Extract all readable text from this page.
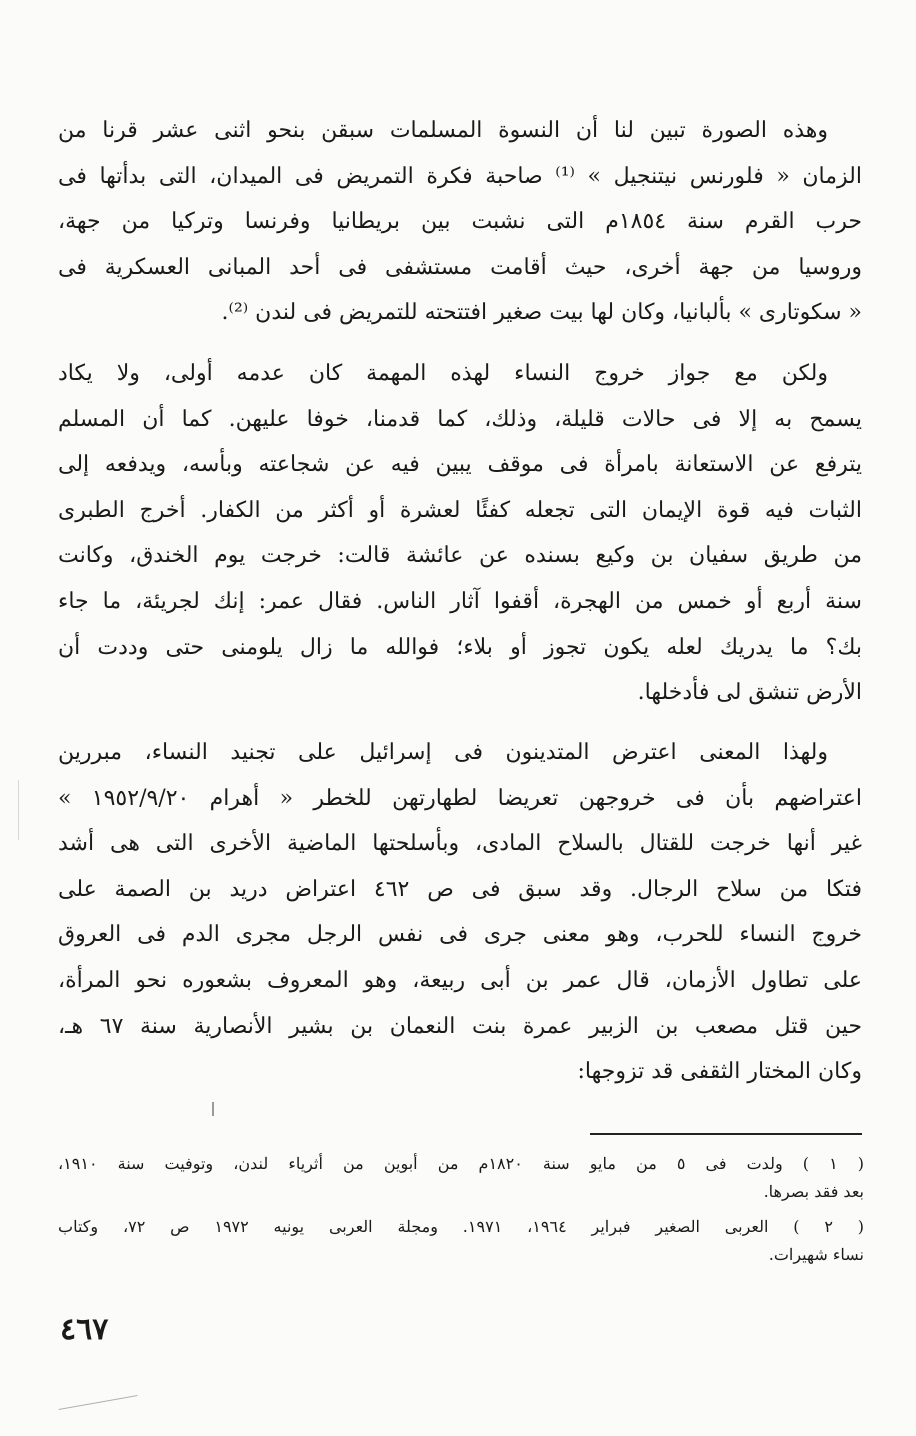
وهذه الصورة تبين لنا أن النسوة المسلمات سبقن بنحو اثنى عشر قرنا من
الزمان « فلورنس نيتنجيل » ⁽¹⁾ صاحبة فكرة التمريض فى الميدان، التى بدأتها فى
حرب القرم سنة ١٨٥٤م التى نشبت بين بريطانيا وفرنسا وتركيا من جهة،
وروسيا من جهة أخرى، حيث أقامت مستشفى فى أحد المبانى العسكرية فى
« سكوتارى » بألبانيا، وكان لها بيت صغير افتتحته للتمريض فى لندن ⁽²⁾.

ولكن مع جواز خروج النساء لهذه المهمة كان عدمه أولى، ولا يكاد
يسمح به إلا فى حالات قليلة، وذلك، كما قدمنا، خوفا عليهن. كما أن المسلم
يترفع عن الاستعانة بامرأة فى موقف يبين فيه عن شجاعته وبأسه، ويدفعه إلى
الثبات فيه قوة الإيمان التى تجعله كفئًا لعشرة أو أكثر من الكفار. أخرج الطبرى
من طريق سفيان بن وكيع بسنده عن عائشة قالت: خرجت يوم الخندق، وكانت
سنة أربع أو خمس من الهجرة، أقفوا آثار الناس. فقال عمر: إنك لجريئة، ما جاء
بك؟ ما يدريك لعله يكون تجوز أو بلاء؛ فوالله ما زال يلومنى حتى وددت أن
الأرض تنشق لى فأدخلها.

ولهذا المعنى اعترض المتدينون فى إسرائيل على تجنيد النساء، مبررين
اعتراضهم بأن فى خروجهن تعريضا لطهارتهن للخطر « أهرام ١٩٥٢/٩/٢٠ »
غير أنها خرجت للقتال بالسلاح المادى، وبأسلحتها الماضية الأخرى التى هى أشد
فتكا من سلاح الرجال. وقد سبق فى ص ٤٦٢ اعتراض دريد بن الصمة على
خروج النساء للحرب، وهو معنى جرى فى نفس الرجل مجرى الدم فى العروق
على تطاول الأزمان، قال عمر بن أبى ربيعة، وهو المعروف بشعوره نحو المرأة،
حين قتل مصعب بن الزبير عمرة بنت النعمان بن بشير الأنصارية سنة ٦٧ هـ،
وكان المختار الثقفى قد تزوجها:

( ١ ) ولدت فى ٥ من مايو سنة ١٨٢٠م من أبوين من أثرياء لندن، وتوفيت سنة ١٩١٠،
بعد فقد بصرها.
( ٢ ) العربى الصغير فبراير ١٩٦٤، ١٩٧١. ومجلة العربى يونيه ١٩٧٢ ص ٧٢، وكتاب
نساء شهيرات.
٤٦٧
